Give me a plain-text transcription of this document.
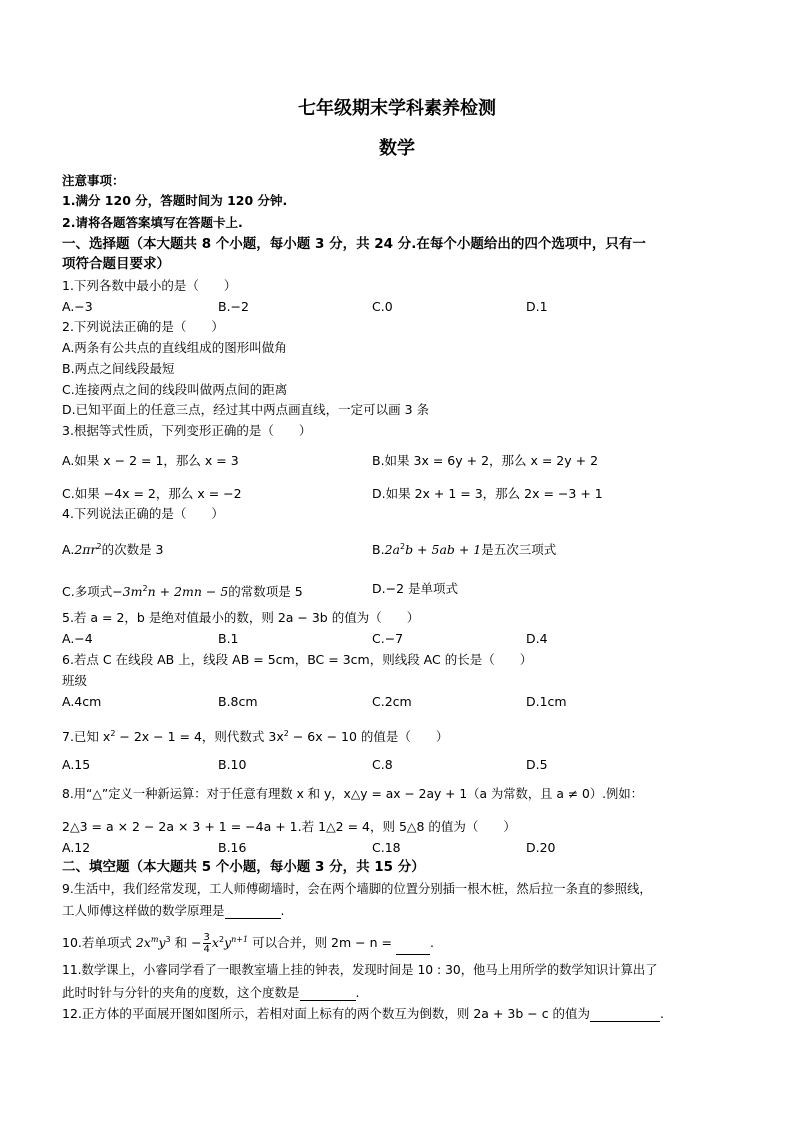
七年级期末学科素养检测
数学
注意事项：
1.满分 120 分，答题时间为 120 分钟.
2.请将各题答案填写在答题卡上.
一、选择题（本大题共 8 个小题，每小题 3 分，共 24 分.在每个小题给出的四个选项中，只有一
项符合题目要求）
1.下列各数中最小的是（　　）
A.−3	B.−2	C.0	D.1
2.下列说法正确的是（　　）
A.两条有公共点的直线组成的图形叫做角
B.两点之间线段最短
C.连接两点之间的线段叫做两点间的距离
D.已知平面上的任意三点，经过其中两点画直线，一定可以画 3 条
3.根据等式性质，下列变形正确的是（　　）
A.如果 x − 2 = 1，那么 x = 3	B.如果 3x = 6y + 2，那么 x = 2y + 2
C.如果 −4x = 2，那么 x = −2	D.如果 2x + 1 = 3，那么 2x = −3 + 1
4.下列说法正确的是（　　）
$A.2\pi r^2$的次数是 3	$B.2a^2b + 5ab + 1$是五次三项式
C.多项式$-3m^2n + 2mn - 5$的常数项是 5	D.−2 是单项式
5.若 a = 2，b 是绝对值最小的数，则 2a − 3b 的值为（　　）
A.−4	B.1	C.−7	D.4
6.若点 C 在线段 AB 上，线段 AB = 5cm，BC = 3cm，则线段 AC 的长是（　　）
班级
A.4cm	B.8cm	C.2cm	D.1cm
7.已知 $x^2 - 2x - 1 = 4$，则代数式 $3x^2 - 6x - 10$ 的值是（　　）
A.15	B.10	C.8	D.5
8.用“△”定义一种新运算：对于任意有理数 x 和 y，x△y = ax − 2ay + 1（a 为常数，且 a ≠ 0）.例如：
2△3 = a × 2 − 2a × 3 + 1 = −4a + 1.若 1△2 = 4，则 5△8 的值为（　　）
A.12	B.16	C.18	D.20
二、填空题（本大题共 5 个小题，每小题 3 分，共 15 分）
9.生活中，我们经常发现，工人师傅砌墙时，会在两个墙脚的位置分别插一根木桩，然后拉一条直的参照线，
工人师傅这样做的数学原理是	.
10.若单项式 $2x^my^3$ 和 − $\frac{3}{4} x^2y^{n+1}$ 可以合并，则 2m − n =	.
11.数学课上，小睿同学看了一眼教室墙上挂的钟表，发现时间是 10 : 30，他马上用所学的数学知识计算出了
此时时针与分针的夹角的度数，这个度数是	.
12.正方体的平面展开图如图所示，若相对面上标有的两个数互为倒数，则 2a + 3b − c 的值为	.
